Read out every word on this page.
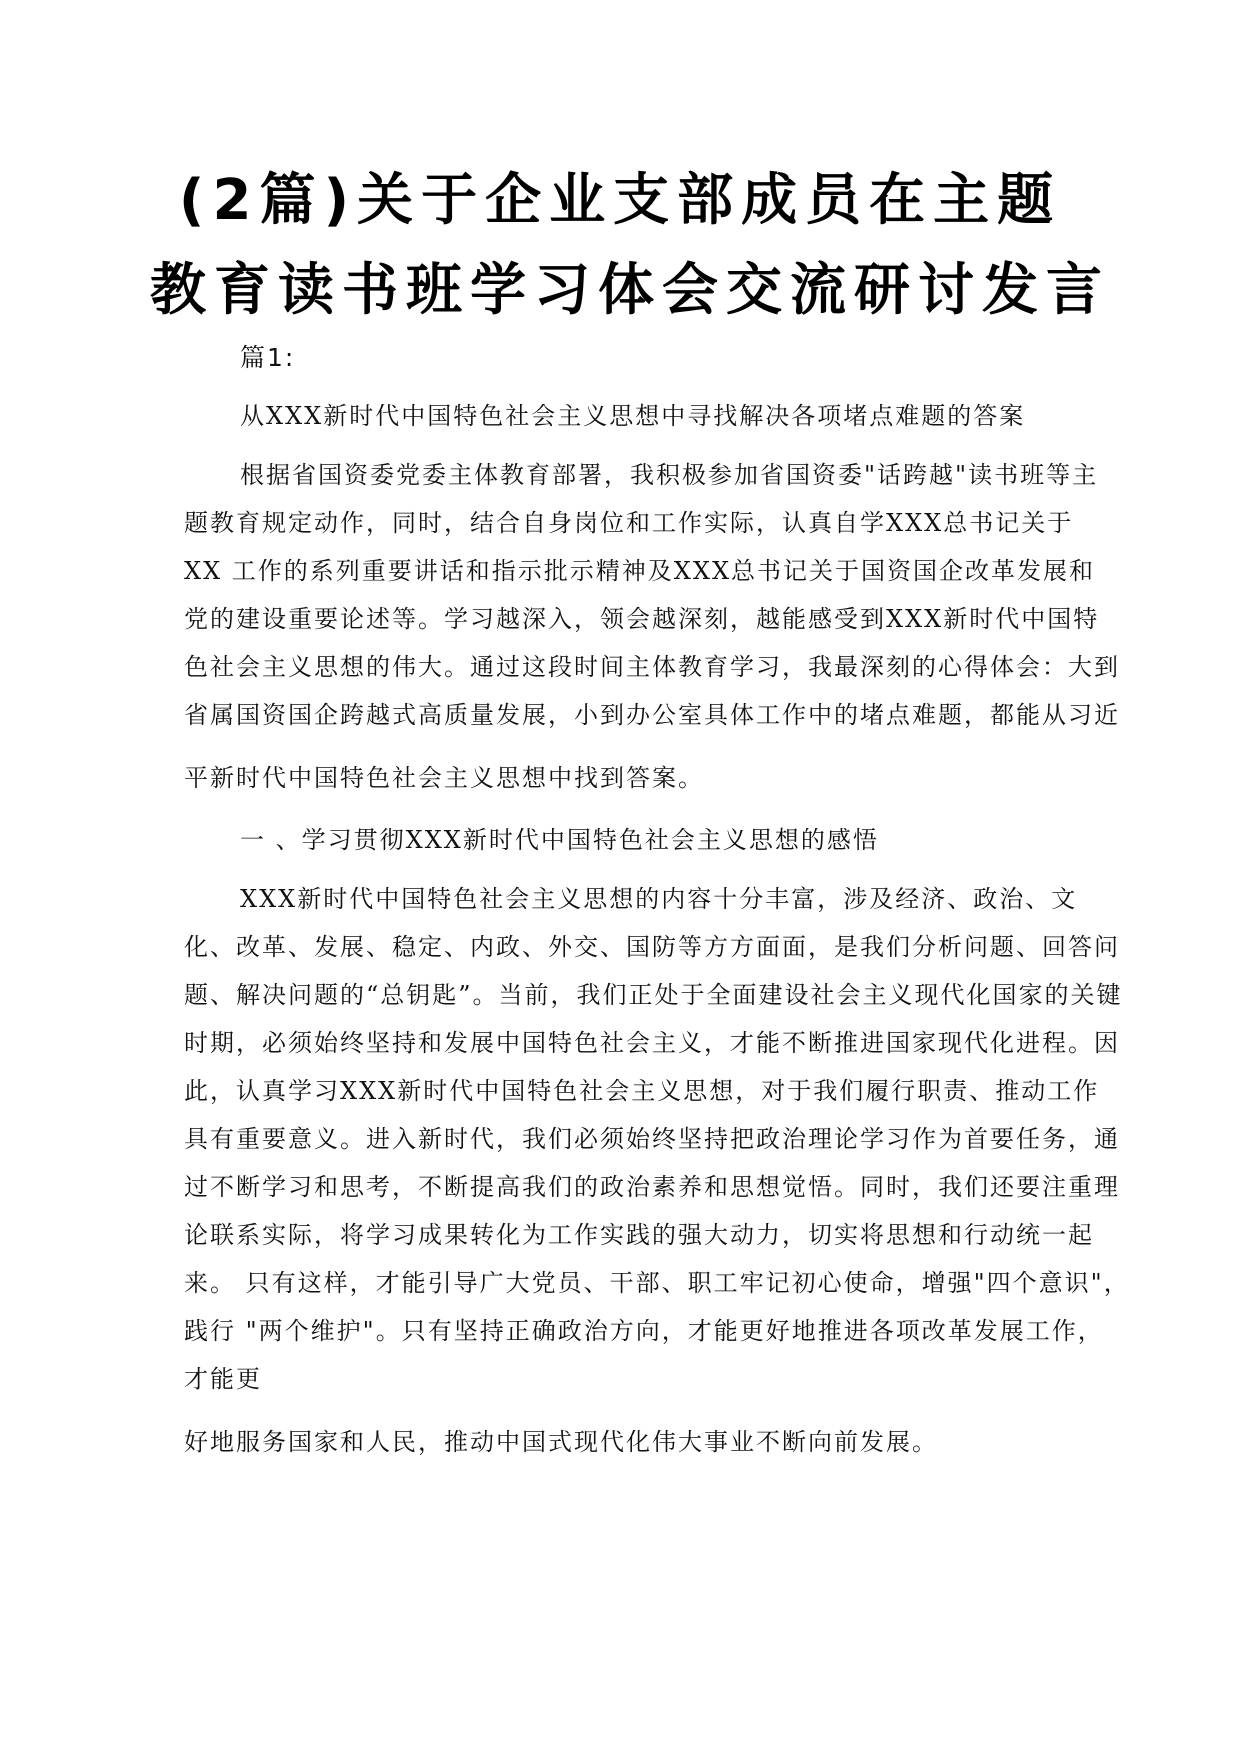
(2篇)关于企业支部成员在主题
教育读书班学习体会交流研讨发言
篇1:
从XXX新时代中国特色社会主义思想中寻找解决各项堵点难题的答案
根据省国资委党委主体教育部署，我积极参加省国资委"话跨越"读书班等主
题教育规定动作，同时，结合自身岗位和工作实际，认真自学XXX总书记关于
XX 工作的系列重要讲话和指示批示精神及XXX总书记关于国资国企改革发展和
党的建设重要论述等。学习越深入，领会越深刻，越能感受到XXX新时代中国特
色社会主义思想的伟大。通过这段时间主体教育学习，我最深刻的心得体会：大到
省属国资国企跨越式高质量发展，小到办公室具体工作中的堵点难题，都能从习近
平新时代中国特色社会主义思想中找到答案。
一 、学习贯彻XXX新时代中国特色社会主义思想的感悟
XXX新时代中国特色社会主义思想的内容十分丰富，涉及经济、政治、文
化、改革、发展、稳定、内政、外交、国防等方方面面，是我们分析问题、回答问
题、解决问题的“总钥匙”。当前，我们正处于全面建设社会主义现代化国家的关键
时期，必须始终坚持和发展中国特色社会主义，才能不断推进国家现代化进程。因
此，认真学习XXX新时代中国特色社会主义思想，对于我们履行职责、推动工作
具有重要意义。进入新时代，我们必须始终坚持把政治理论学习作为首要任务，通
过不断学习和思考，不断提高我们的政治素养和思想觉悟。同时，我们还要注重理
论联系实际，将学习成果转化为工作实践的强大动力，切实将思想和行动统一起
来。 只有这样，才能引导广大党员、干部、职工牢记初心使命，增强"四个意识"，
践行 "两个维护"。只有坚持正确政治方向，才能更好地推进各项改革发展工作，
才能更
好地服务国家和人民，推动中国式现代化伟大事业不断向前发展。
